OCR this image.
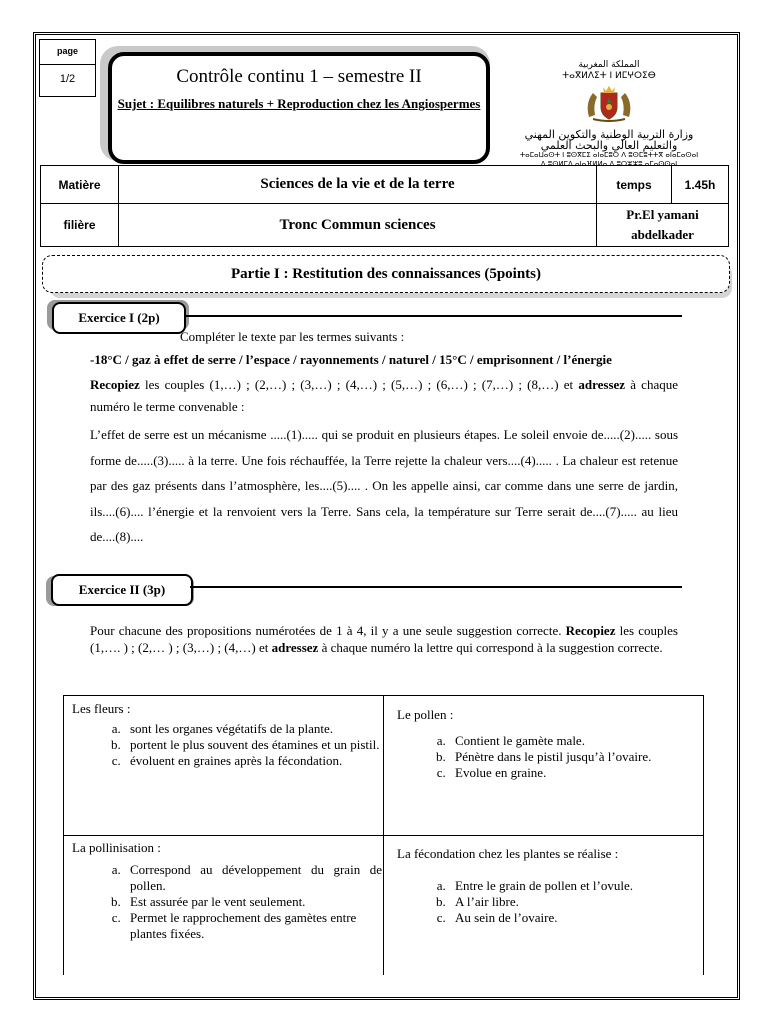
page
1/2	Contrôle continu 1 – semestre II
Sujet : Equilibres naturels + Reproduction chez les Angiospermes
المملكة المغربية
ⵜⴰⴳⵍⴷⵉⵜ ⵏ ⵍⵎⵖⵔⵉⴱ
وزارة التربية الوطنية والتكوين المهني
والتعليم العالي والبحث العلمي
ⵜⴰⵎⴰⵡⴰⵙⵜ ⵏ ⵓⵙⴳⵎⵉ ⴰⵏⴰⵎⵓⵔ ⴷ ⵓⵙⵎⵓⵜⵜⴳ ⴰⵏⴰⵎⴰⵙⴰⵏ
ⴷ ⵓⵙⵍⵎⴷ ⴰⵏⴰⴼⵍⵍⴰ ⴷ ⵓⵔⵣⵣⵓ ⴰⵎⴰⵙⵙⴰⵏ
Matière	Sciences de la vie et de la terre	temps	1.45h
filière	Tronc Commun sciences	Pr.El yamani abdelkader	
Partie I : Restitution des connaissances (5points)
Exercice I (2p)
Compléter le texte par les termes suivants :
-18°C / gaz à effet de serre / l’espace / rayonnements / naturel / 15°C / emprisonnent / l’énergie
Recopiez les couples (1,…) ; (2,…) ; (3,…) ; (4,…) ; (5,…) ; (6,…) ; (7,…) ; (8,…) et adressez à chaque numéro le terme convenable :
L’effet de serre est un mécanisme .....(1)..... qui se produit en plusieurs étapes. Le soleil envoie de.....(2)..... sous forme de.....(3)..... à la terre. Une fois réchauffée, la Terre rejette la chaleur vers....(4)..... . La chaleur est retenue par des gaz présents dans l’atmosphère, les....(5).... . On les appelle ainsi, car comme dans une serre de jardin, ils....(6).... l’énergie et la renvoient vers la Terre. Sans cela, la température sur Terre serait de....(7)..... au lieu de....(8)....
Exercice II (3p)
Pour chacune des propositions numérotées de 1 à 4, il y a une seule suggestion correcte. Recopiez les couples (1,…. ) ; (2,… ) ; (3,…) ; (4,…) et adressez à chaque numéro la lettre qui correspond à la suggestion correcte.
Les fleurs :
a. sont les organes végétatifs de la plante.
b. portent le plus souvent des étamines et un pistil.
c. évoluent en graines après la fécondation.
Le pollen :
a. Contient le gamète male.
b. Pénètre dans le pistil jusqu’à l’ovaire.
c. Evolue en graine.
La pollinisation :
a. Correspond au développement du grain de pollen.
b. Est assurée par le vent seulement.
c. Permet le rapprochement des gamètes entre plantes fixées.
La fécondation chez les plantes se réalise :
a. Entre le grain de pollen et l’ovule.
b. A l’air libre.
c. Au sein de l’ovaire.
